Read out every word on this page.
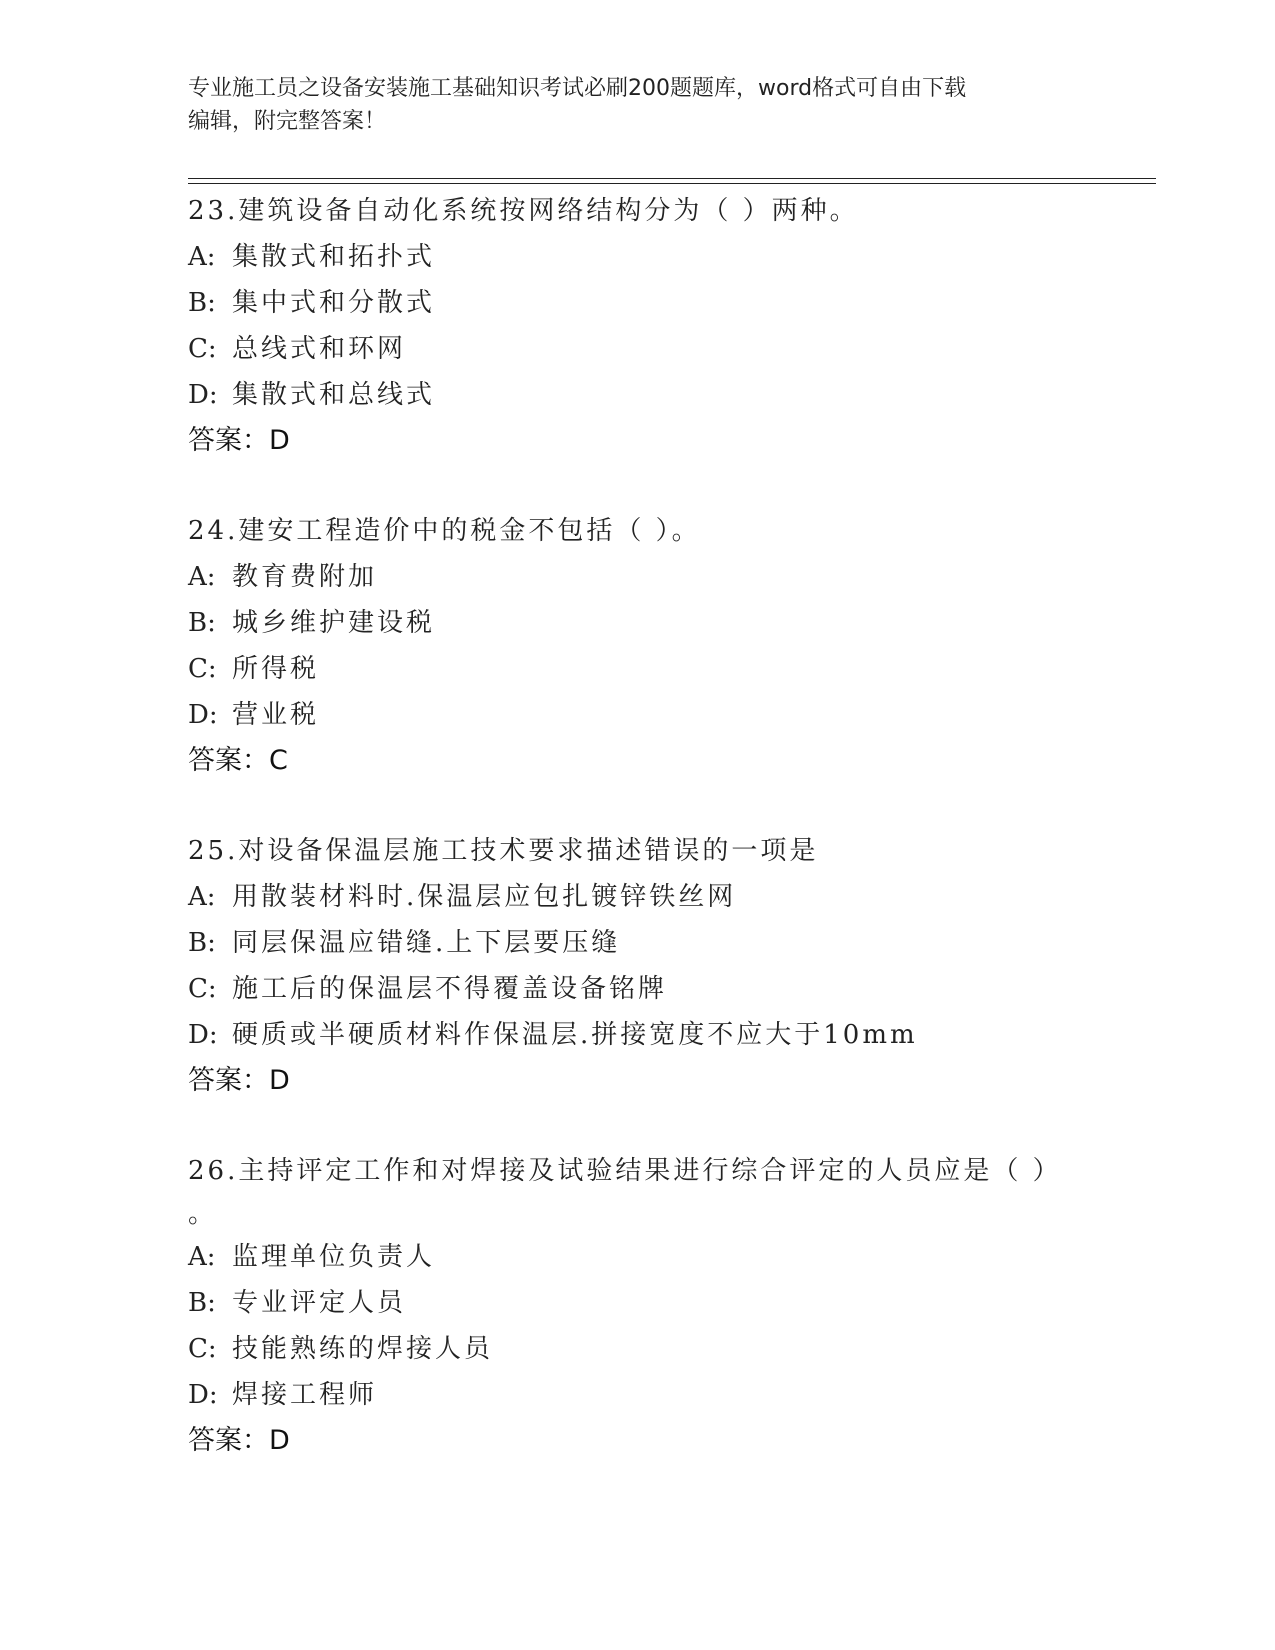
专业施工员之设备安装施工基础知识考试必刷200题题库，word格式可自由下载
编辑，附完整答案！

23.建筑设备自动化系统按网络结构分为（ ）两种。

A: 集散式和拓扑式

B: 集中式和分散式

C: 总线式和环网

D: 集散式和总线式

答案：D

24.建安工程造价中的税金不包括（ ）。

A: 教育费附加

B: 城乡维护建设税

C: 所得税

D: 营业税

答案：C

25.对设备保温层施工技术要求描述错误的一项是

A: 用散装材料时.保温层应包扎镀锌铁丝网

B: 同层保温应错缝.上下层要压缝

C: 施工后的保温层不得覆盖设备铭牌

D: 硬质或半硬质材料作保温层.拼接宽度不应大于10mm

答案：D

26.主持评定工作和对焊接及试验结果进行综合评定的人员应是（ ）

。

A: 监理单位负责人

B: 专业评定人员

C: 技能熟练的焊接人员

D: 焊接工程师

答案：D
